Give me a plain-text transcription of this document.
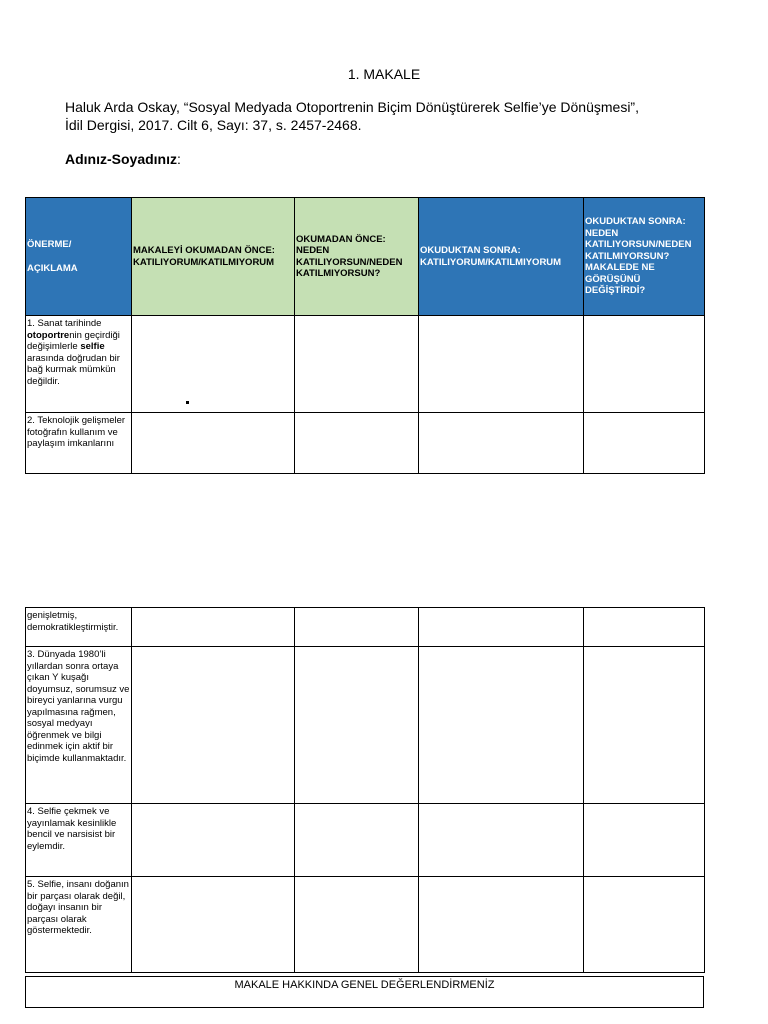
1. MAKALE
Haluk Arda Oskay, “Sosyal Medyada Otoportrenin Biçim Dönüştürerek Selfie’ye Dönüşmesi”,
İdil Dergisi, 2017. Cilt 6, Sayı: 37, s. 2457-2468.
Adınız-Soyadınız:
ÖNERME/
AÇIKLAMA	MAKALEYİ OKUMADAN ÖNCE: KATILIYORUM/KATILMIYORUM	OKUMADAN ÖNCE: NEDEN KATILIYORSUN/NEDEN KATILMIYORSUN?	OKUDUKTAN SONRA: KATILIYORUM/KATILMIYORUM	OKUDUKTAN SONRA: NEDEN KATILIYORSUN/NEDEN KATILMIYORSUN? MAKALEDE NE GÖRÜŞÜNÜ DEĞİŞTİRDİ?
1. Sanat tarihinde otoportrenin geçirdiği değişimlerle selfie arasında doğrudan bir bağ kurmak mümkün değildir.				
2. Teknolojik gelişmeler fotoğrafın kullanım ve paylaşım imkanlarını				
genişletmiş, demokratikleştirmiştir.				
3. Dünyada 1980’li yıllardan sonra ortaya çıkan Y kuşağı doyumsuz, sorumsuz ve bireyci yanlarına vurgu yapılmasına rağmen, sosyal medyayı öğrenmek ve bilgi edinmek için aktif bir biçimde kullanmaktadır.				
4. Selfie çekmek ve yayınlamak kesinlikle bencil ve narsisist bir eylemdir.				
5. Selfie, insanı doğanın bir parçası olarak değil, doğayı insanın bir parçası olarak göstermektedir.				
MAKALE HAKKINDA GENEL DEĞERLENDİRMENİZ
